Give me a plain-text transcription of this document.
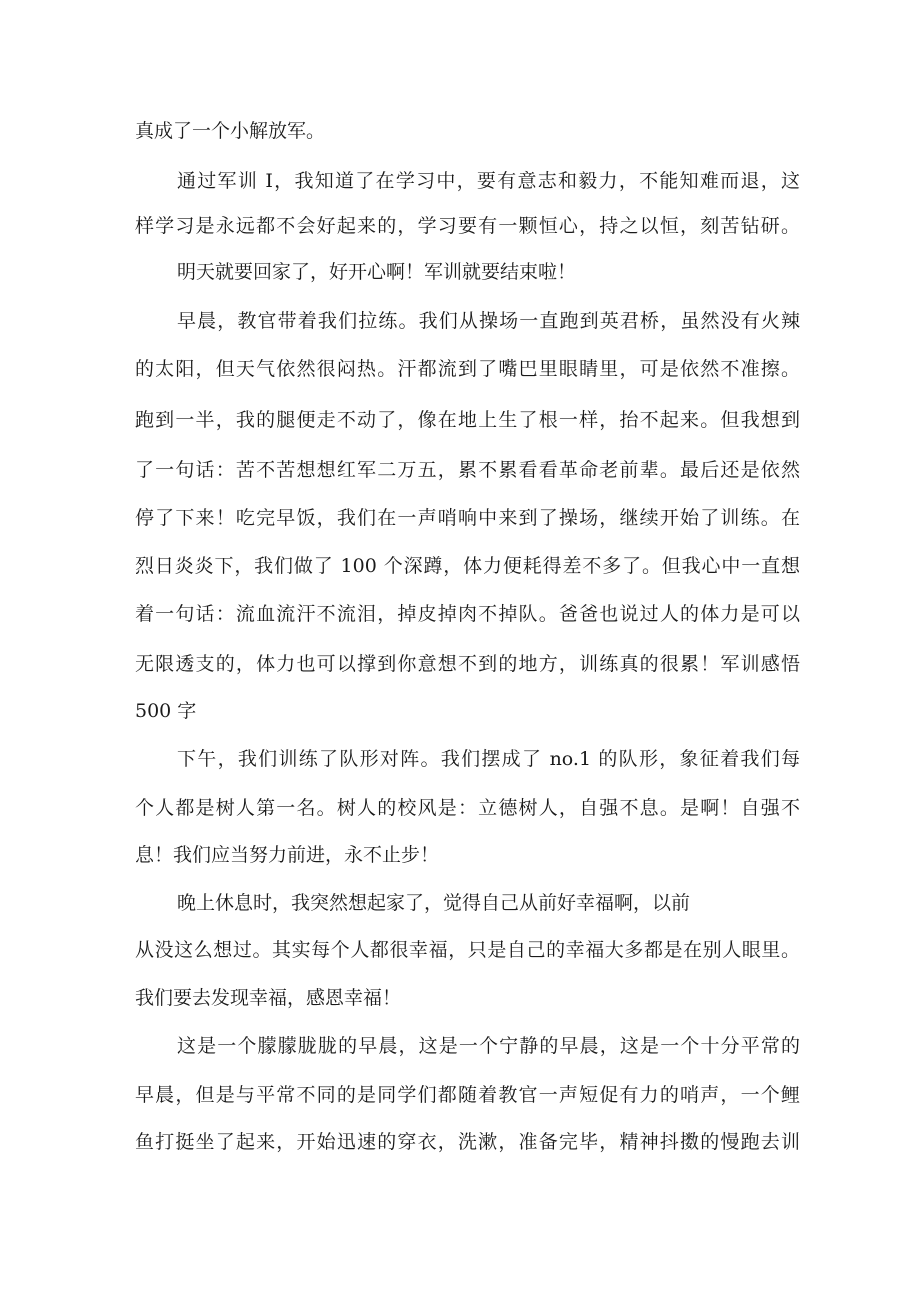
真成了一个小解放军。
通过军训 I，我知道了在学习中，要有意志和毅力，不能知难而退，这
样学习是永远都不会好起来的，学习要有一颗恒心，持之以恒，刻苦钻研。
明天就要回家了，好开心啊！军训就要结束啦！
早晨，教官带着我们拉练。我们从操场一直跑到英君桥，虽然没有火辣
的太阳，但天气依然很闷热。汗都流到了嘴巴里眼睛里，可是依然不准擦。
跑到一半，我的腿便走不动了，像在地上生了根一样，抬不起来。但我想到
了一句话：苦不苦想想红军二万五，累不累看看革命老前辈。最后还是依然
停了下来！吃完早饭，我们在一声哨响中来到了操场，继续开始了训练。在
烈日炎炎下，我们做了 100 个深蹲，体力便耗得差不多了。但我心中一直想
着一句话：流血流汗不流泪，掉皮掉肉不掉队。爸爸也说过人的体力是可以
无限透支的，体力也可以撑到你意想不到的地方，训练真的很累！军训感悟
500 字
下午，我们训练了队形对阵。我们摆成了 no.1 的队形，象征着我们每
个人都是树人第一名。树人的校风是：立德树人，自强不息。是啊！自强不
息！我们应当努力前进，永不止步！
晚上休息时，我突然想起家了，觉得自己从前好幸福啊，以前
从没这么想过。其实每个人都很幸福，只是自己的幸福大多都是在别人眼里。
我们要去发现幸福，感恩幸福！
这是一个朦朦胧胧的早晨，这是一个宁静的早晨，这是一个十分平常的
早晨，但是与平常不同的是同学们都随着教官一声短促有力的哨声，一个鲤
鱼打挺坐了起来，开始迅速的穿衣，洗漱，准备完毕，精神抖擞的慢跑去训
